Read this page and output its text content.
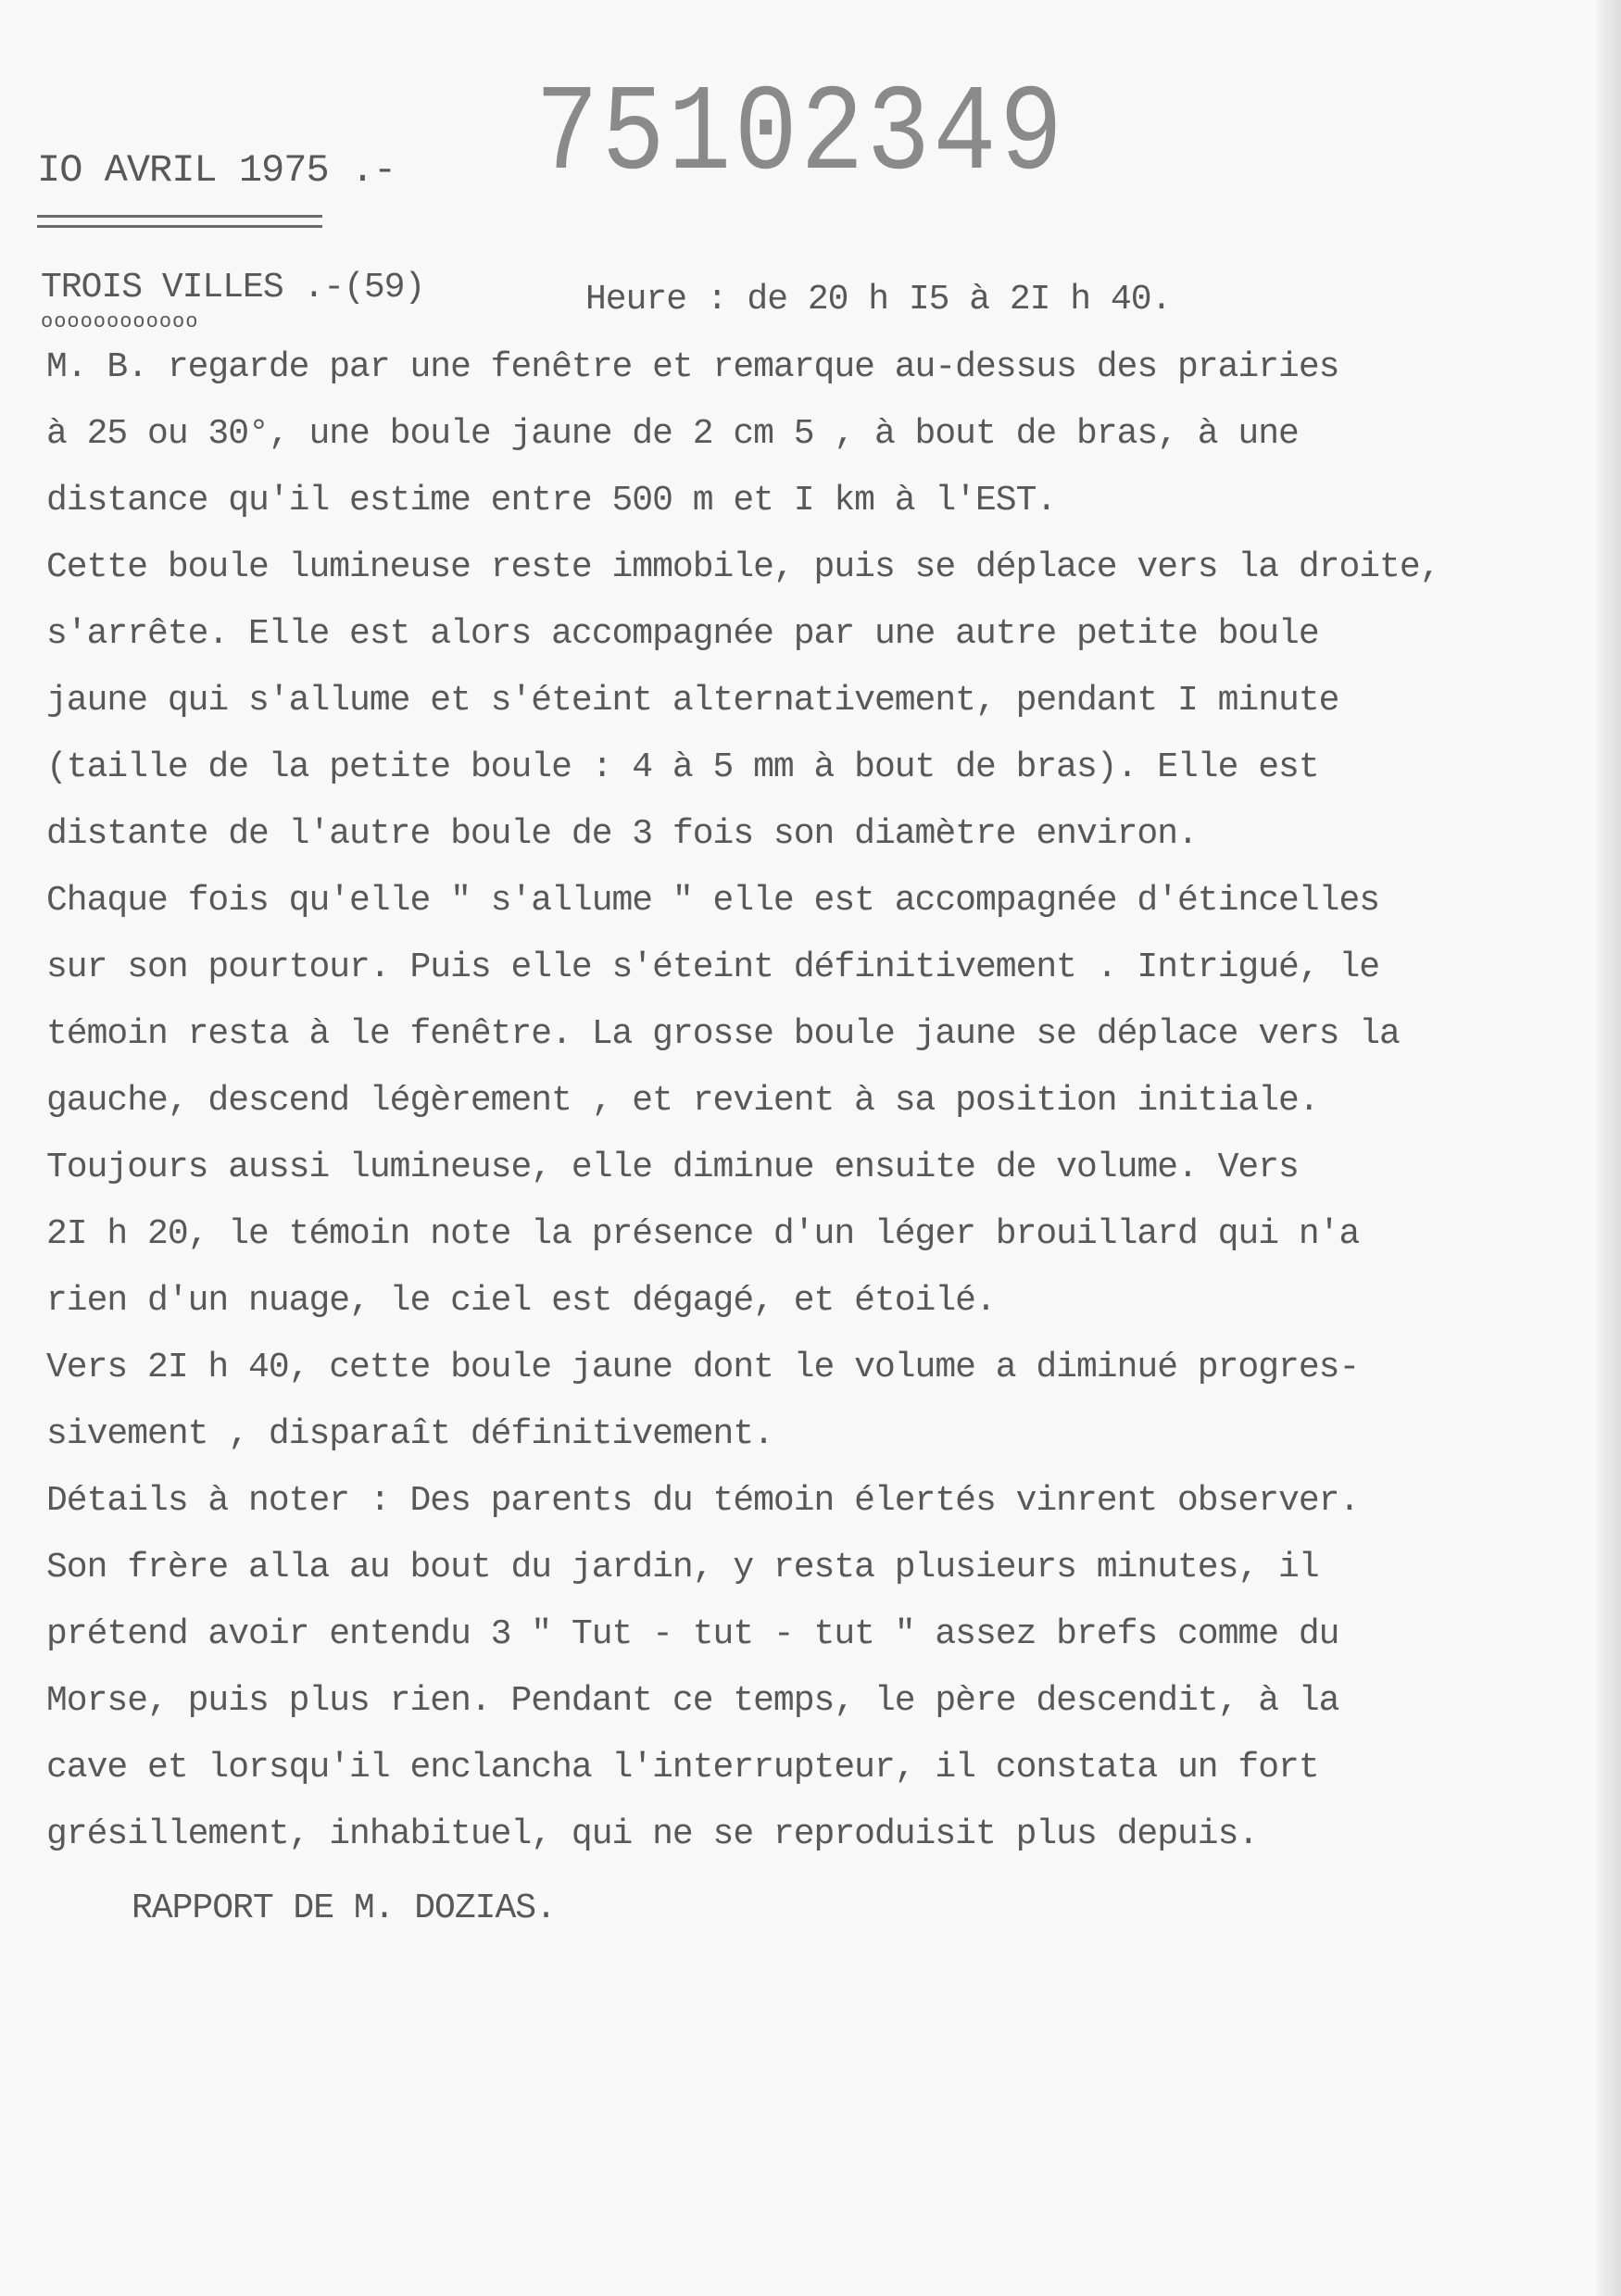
75102349
IO AVRIL 1975 .-
TROIS VILLES .-(59)
oooooooooooo
Heure : de 20 h I5 à 2I h 40.
M. B. regarde par une fenêtre et remarque au-dessus des prairies
à 25 ou 30°, une boule jaune de 2 cm 5 , à bout de bras, à une
distance qu'il estime entre 500 m et I km à l'EST.
Cette boule lumineuse reste immobile, puis se déplace vers la droite,
s'arrête. Elle est alors accompagnée par une autre petite boule
jaune qui s'allume et s'éteint alternativement, pendant I minute
(taille de la petite boule : 4 à 5 mm à bout de bras). Elle est
distante de l'autre boule de 3 fois son diamètre environ.
Chaque fois qu'elle " s'allume " elle est accompagnée d'étincelles
sur son pourtour. Puis elle s'éteint définitivement . Intrigué, le
témoin resta à le fenêtre. La grosse boule jaune se déplace vers la
gauche, descend légèrement , et revient à sa position initiale.
Toujours aussi lumineuse, elle diminue ensuite de volume. Vers
2I h 20, le témoin note la présence d'un léger brouillard qui n'a
rien d'un nuage, le ciel est dégagé, et étoilé.
Vers 2I h 40, cette boule jaune dont le volume a diminué progres-
sivement , disparaît définitivement.
Détails à noter : Des parents du témoin élertés vinrent observer.
Son frère alla au bout du jardin, y resta plusieurs minutes, il
prétend avoir entendu 3 " Tut - tut - tut " assez brefs comme du
Morse, puis plus rien. Pendant ce temps, le père descendit, à la
cave et lorsqu'il enclancha l'interrupteur, il constata un fort
grésillement, inhabituel, qui ne se reproduisit plus depuis.
RAPPORT DE M. DOZIAS.
